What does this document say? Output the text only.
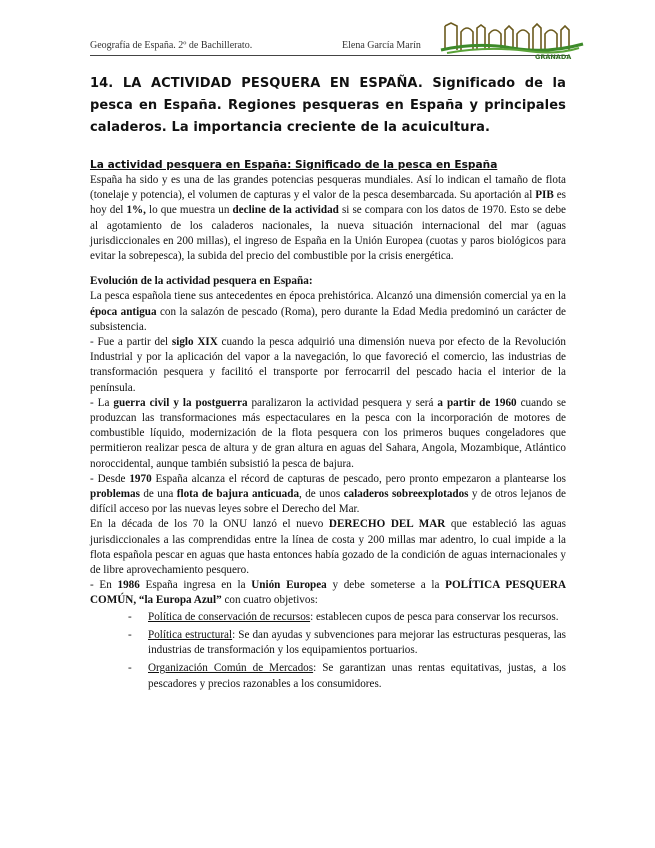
Geografía de España. 2º de Bachillerato.	Elena García Marín
GRANADA
14. LA ACTIVIDAD PESQUERA EN ESPAÑA. Significado de la pesca en España. Regiones pesqueras en España y principales caladeros. La importancia creciente de la acuicultura.

La actividad pesquera en España: Significado de la pesca en España

España ha sido y es una de las grandes potencias pesqueras mundiales. Así lo indican el tamaño de flota (tonelaje y potencia), el volumen de capturas y el valor de la pesca desembarcada. Su aportación al PIB es hoy del 1%, lo que muestra un decline de la actividad si se compara con los datos de 1970. Esto se debe al agotamiento de los caladeros nacionales, la nueva situación internacional del mar (aguas jurisdiccionales en 200 millas), el ingreso de España en la Unión Europea (cuotas y paros biológicos para evitar la sobrepesca), la subida del precio del combustible por la crisis energética.

Evolución de la actividad pesquera en España:

La pesca española tiene sus antecedentes en época prehistórica. Alcanzó una dimensión comercial ya en la época antigua con la salazón de pescado (Roma), pero durante la Edad Media predominó un carácter de subsistencia.

- Fue a partir del siglo XIX cuando la pesca adquirió una dimensión nueva por efecto de la Revolución Industrial y por la aplicación del vapor a la navegación, lo que favoreció el comercio, las industrias de transformación pesquera y facilitó el transporte por ferrocarril del pescado hacia el interior de la península.

- La guerra civil y la postguerra paralizaron la actividad pesquera y será a partir de 1960 cuando se produzcan las transformaciones más espectaculares en la pesca con la incorporación de motores de combustible líquido, modernización de la flota pesquera con los primeros buques congeladores que permitieron realizar pesca de altura y de gran altura en aguas del Sahara, Angola, Mozambique, Atlántico noroccidental, aunque también subsistió la pesca de bajura.

- Desde 1970 España alcanza el récord de capturas de pescado, pero pronto empezaron a plantearse los problemas de una flota de bajura anticuada, de unos caladeros sobreexplotados y de otros lejanos de difícil acceso por las nuevas leyes sobre el Derecho del Mar.

En la década de los 70 la ONU lanzó el nuevo DERECHO DEL MAR que estableció las aguas jurisdiccionales a las comprendidas entre la línea de costa y 200 millas mar adentro, lo cual impide a la flota española pescar en aguas que hasta entonces había gozado de la condición de aguas internacionales y de libre aprovechamiento pesquero.

- En 1986 España ingresa en la Unión Europea y debe someterse a la POLÍTICA PESQUERA COMÚN, “la Europa Azul” con cuatro objetivos:

- Política de conservación de recursos: establecen cupos de pesca para conservar los recursos.
- Política estructural: Se dan ayudas y subvenciones para mejorar las estructuras pesqueras, las industrias de transformación y los equipamientos portuarios.
- Organización Común de Mercados: Se garantizan unas rentas equitativas, justas, a los pescadores y precios razonables a los consumidores.
